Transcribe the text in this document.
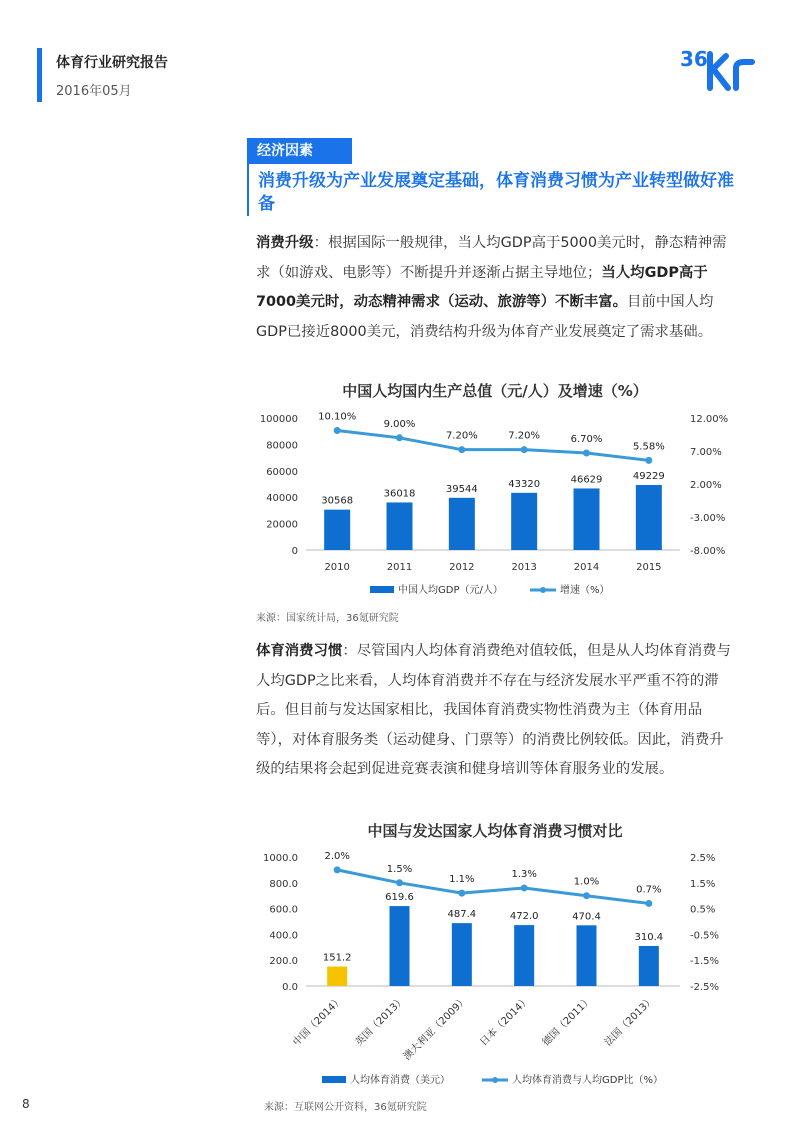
体育行业研究报告
2016年05月
36
经济因素
消费升级为产业发展奠定基础，体育消费习惯为产业转型做好准备

消费升级：根据国际一般规律，当人均GDP高于5000美元时，静态精神需求（如游戏、电影等）不断提升并逐渐占据主导地位；当人均GDP高于7000美元时，动态精神需求（运动、旅游等）不断丰富。目前中国人均GDP已接近8000美元，消费结构升级为体育产业发展奠定了需求基础。

中国人均国内生产总值（元/人）及增速（%）
100000
80000
60000
40000
20000
0
12.00%
7.00%
2.00%
-3.00%
-8.00%
30568
36018	39544	43320	46629	49229
10.10%
9.00%
7.20%	7.20%	6.70%
5.58%
2010	2011	2012	2013	2014	2015
中国人均GDP（元/人）	增速（%）
来源：国家统计局，36氪研究院

体育消费习惯：尽管国内人均体育消费绝对值较低，但是从人均体育消费与人均GDP之比来看，人均体育消费并不存在与经济发展水平严重不符的滞后。但目前与发达国家相比，我国体育消费实物性消费为主（体育用品等），对体育服务类（运动健身、门票等）的消费比例较低。因此，消费升级的结果将会起到促进竞赛表演和健身培训等体育服务业的发展。

中国与发达国家人均体育消费习惯对比
1000.0
800.0
600.0
400.0
200.0
0.0
2.5%
1.5%
0.5%
-0.5%
-1.5%
-2.5%
151.2
619.6
487.4	472.0	470.4
310.4
2.0%
1.5%
1.1%	1.3%
1.0%
0.7%
中国（2014） 英国（2013）
澳大利亚（2009） 日本（2014） 德国（2011） 法国（2013）
人均体育消费（美元）	人均体育消费与人均GDP比（%）
来源：互联网公开资料，36氪研究院
8
